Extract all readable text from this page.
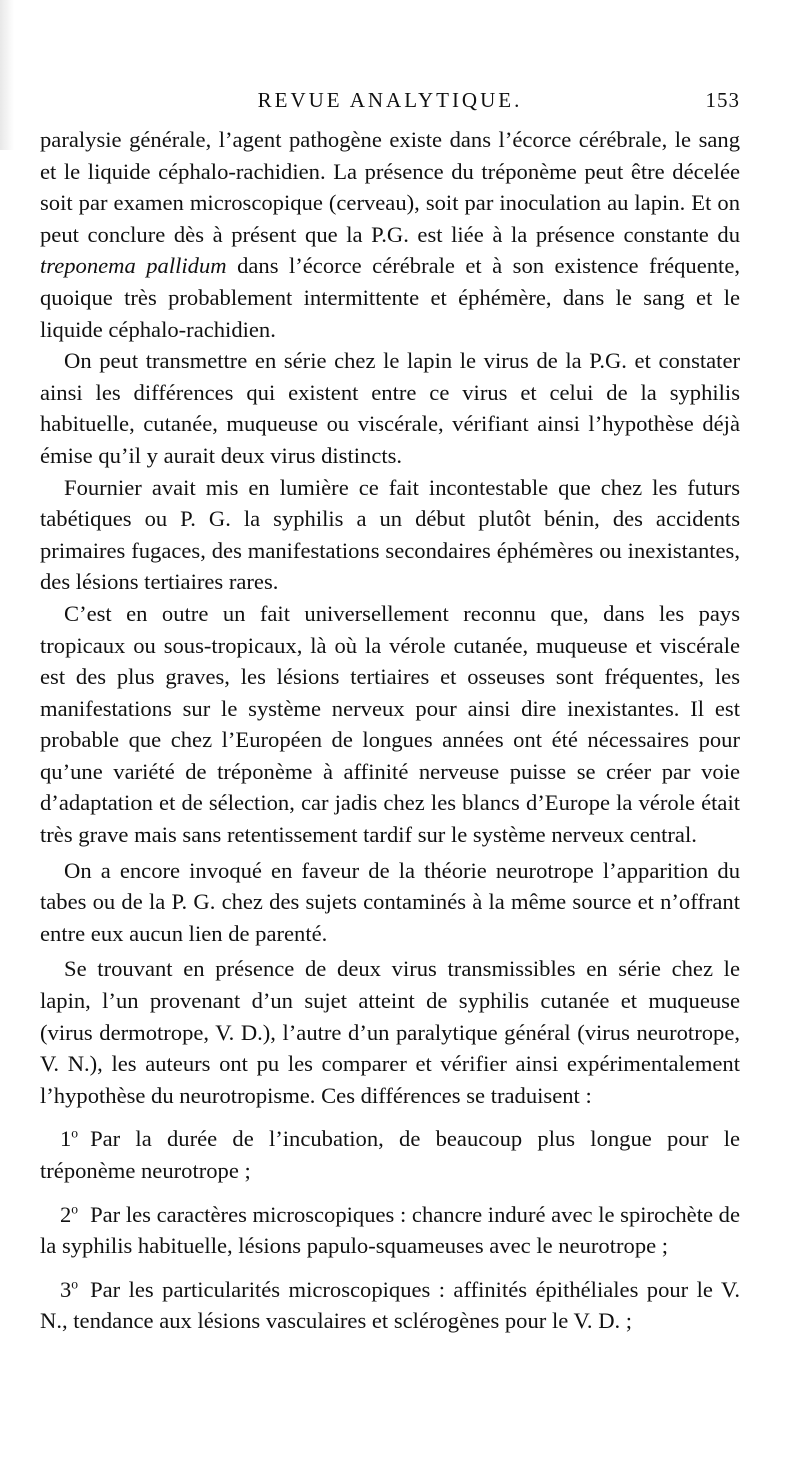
REVUE ANALYTIQUE.	153

paralysie générale, l’agent pathogène existe dans l’écorce cérébrale, le sang et le liquide céphalo-rachidien. La présence du tréponème peut être décelée soit par examen microscopique (cerveau), soit par inoculation au lapin. Et on peut conclure dès à présent que la P.G. est liée à la présence constante du treponema pallidum dans l’écorce cérébrale et à son existence fréquente, quoique très probablement intermittente et éphémère, dans le sang et le liquide céphalo-rachidien.

On peut transmettre en série chez le lapin le virus de la P.G. et constater ainsi les différences qui existent entre ce virus et celui de la syphilis habituelle, cutanée, muqueuse ou viscérale, vérifiant ainsi l’hypothèse déjà émise qu’il y aurait deux virus distincts.

Fournier avait mis en lumière ce fait incontestable que chez les futurs tabétiques ou P. G. la syphilis a un début plutôt bénin, des accidents primaires fugaces, des manifestations secondaires éphémères ou inexistantes, des lésions tertiaires rares.

C’est en outre un fait universellement reconnu que, dans les pays tropicaux ou sous-tropicaux, là où la vérole cutanée, muqueuse et viscérale est des plus graves, les lésions tertiaires et osseuses sont fréquentes, les manifestations sur le système nerveux pour ainsi dire inexistantes. Il est probable que chez l’Européen de longues années ont été nécessaires pour qu’une variété de tréponème à affinité nerveuse puisse se créer par voie d’adaptation et de sélection, car jadis chez les blancs d’Europe la vérole était très grave mais sans retentissement tardif sur le système nerveux central.

On a encore invoqué en faveur de la théorie neurotrope l’apparition du tabes ou de la P. G. chez des sujets contaminés à la même source et n’offrant entre eux aucun lien de parenté.

Se trouvant en présence de deux virus transmissibles en série chez le lapin, l’un provenant d’un sujet atteint de syphilis cutanée et muqueuse (virus dermotrope, V. D.), l’autre d’un paralytique général (virus neurotrope, V. N.), les auteurs ont pu les comparer et vérifier ainsi expérimentalement l’hypothèse du neurotropisme. Ces différences se traduisent :

1$^o$ Par la durée de l’incubation, de beaucoup plus longue pour le tréponème neurotrope ;

2$^o$ Par les caractères microscopiques : chancre induré avec le spirochète de la syphilis habituelle, lésions papulo-squameuses avec le neurotrope ;

3$^o$ Par les particularités microscopiques : affinités épithéliales pour le V. N., tendance aux lésions vasculaires et sclérogènes pour le V. D. ;
